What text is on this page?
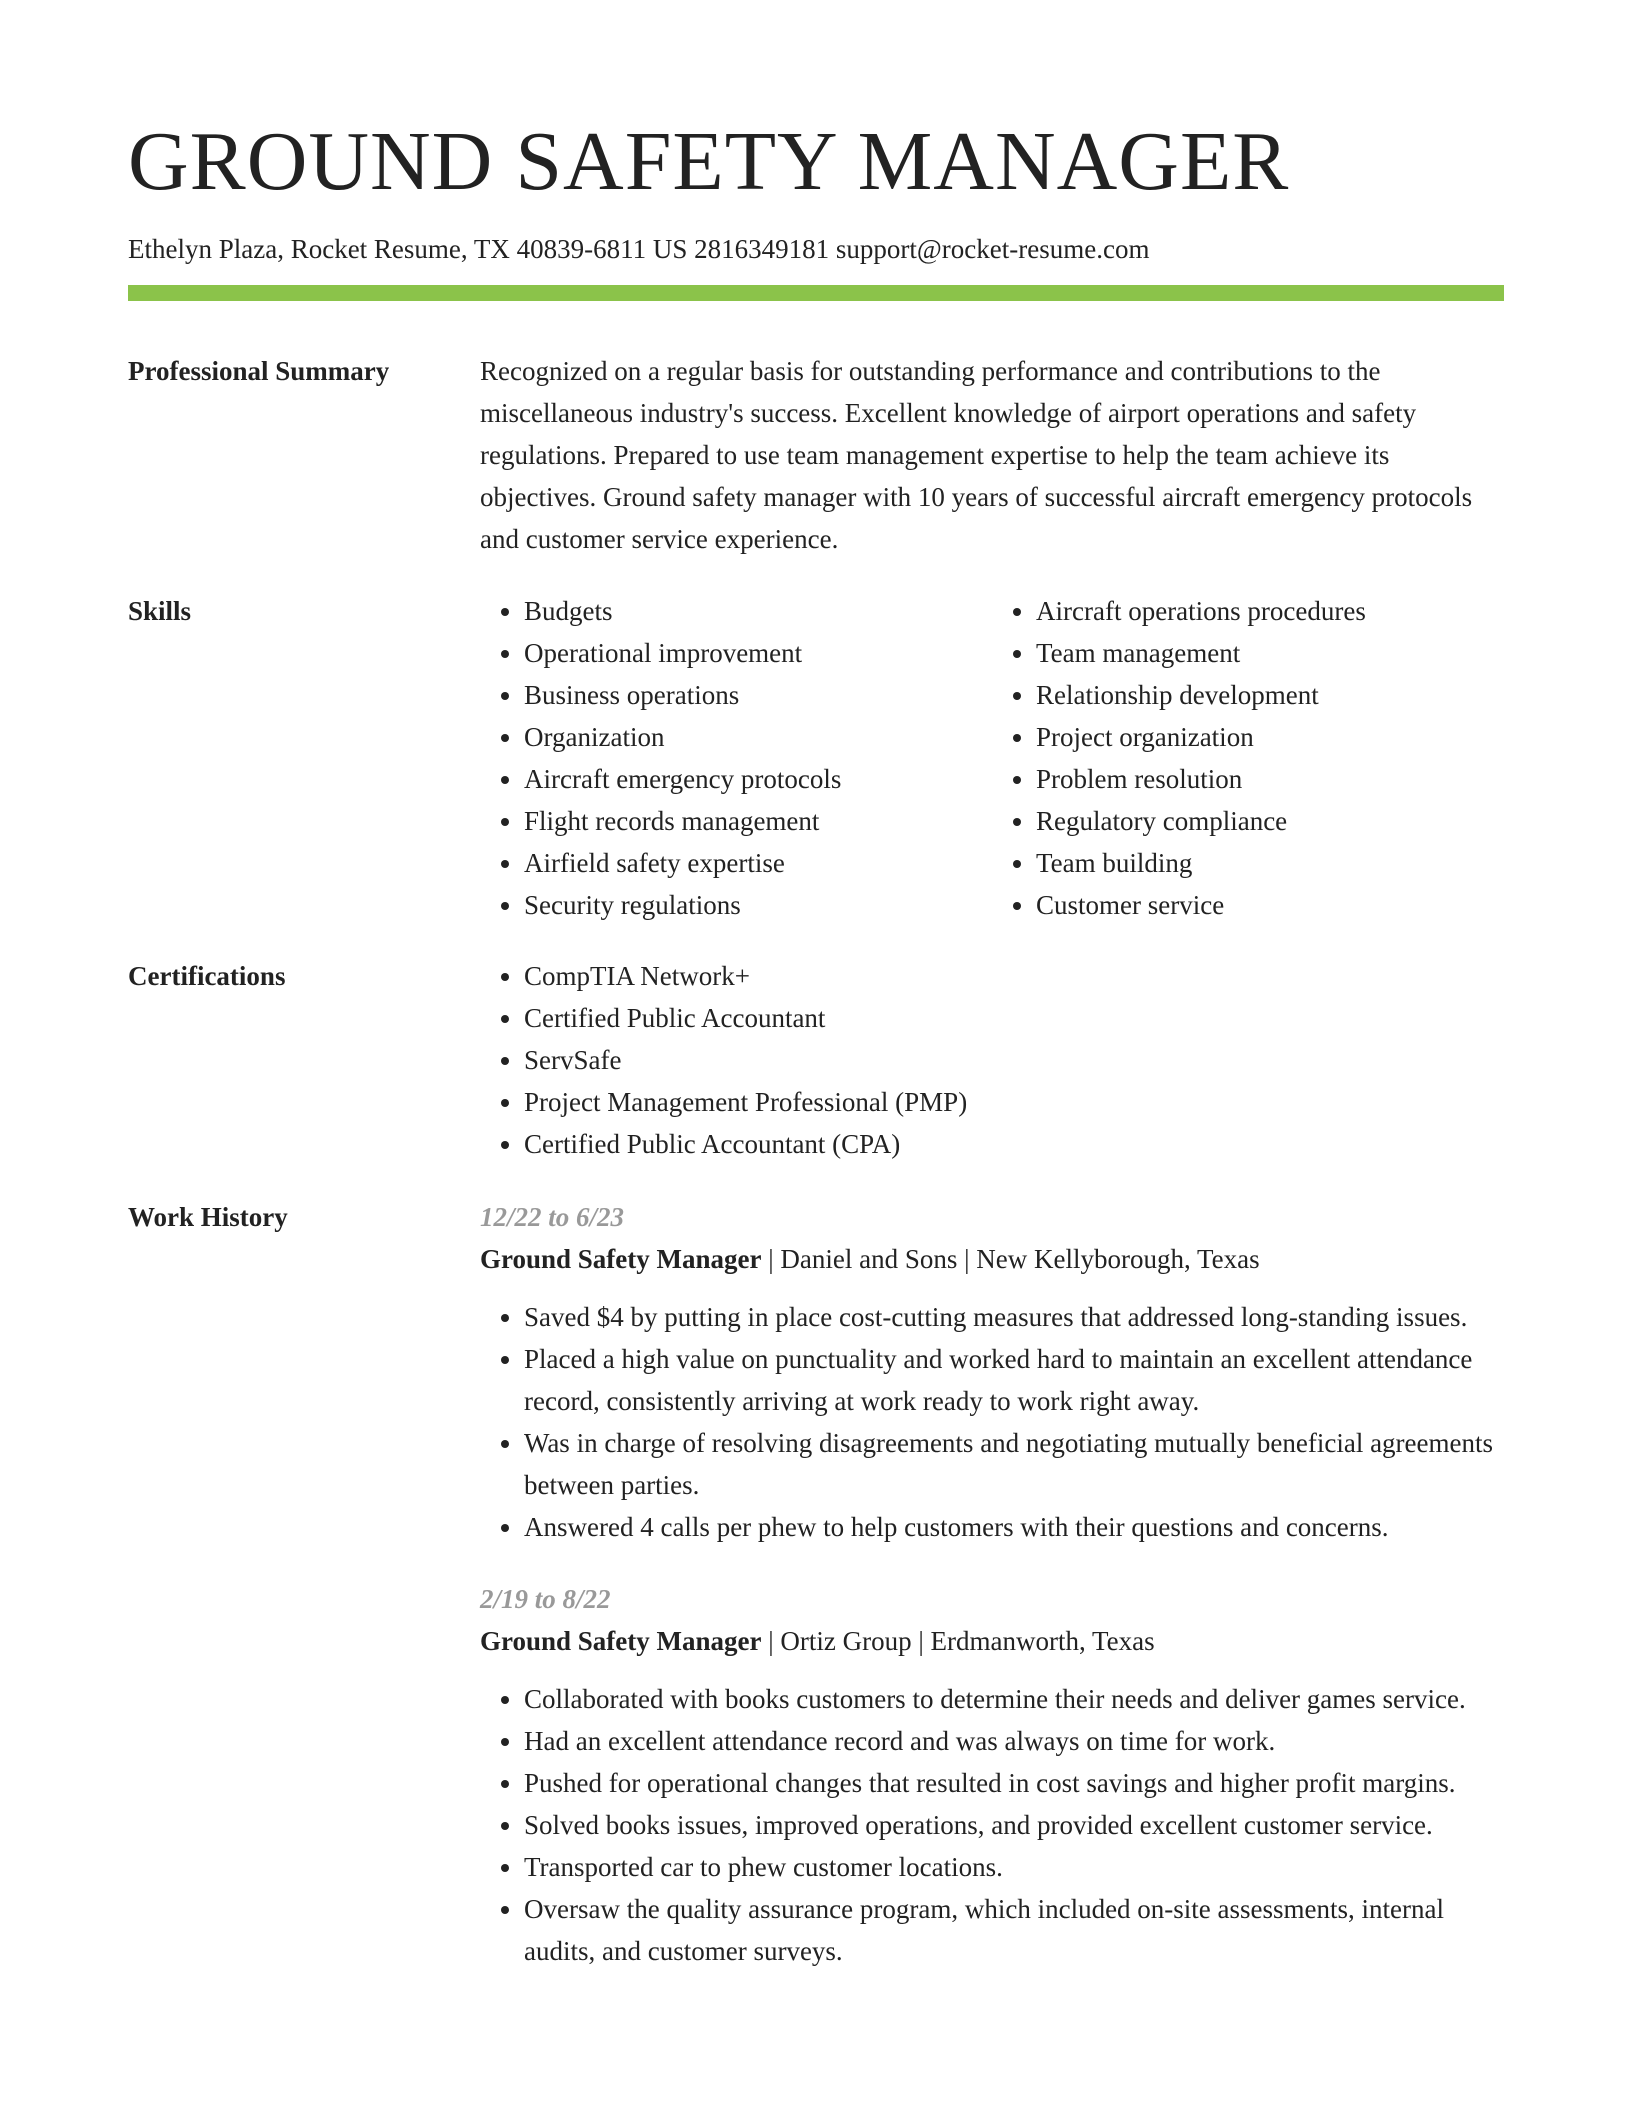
GROUND SAFETY MANAGER
Ethelyn Plaza, Rocket Resume, TX 40839-6811 US 2816349181 support@rocket-resume.com
Professional Summary	Recognized on a regular basis for outstanding performance and contributions to the miscellaneous industry's success. Excellent knowledge of airport operations and safety regulations. Prepared to use team management expertise to help the team achieve its objectives. Ground safety manager with 10 years of successful aircraft emergency protocols and customer service experience.

Skills	• Budgets
• Operational improvement
• Business operations
• Organization
• Aircraft emergency protocols
• Flight records management
• Airfield safety expertise
• Security regulations
• Aircraft operations procedures
• Team management
• Relationship development
• Project organization
• Problem resolution
• Regulatory compliance
• Team building
• Customer service
Certifications	• CompTIA Network+
• Certified Public Accountant
• ServSafe
• Project Management Professional (PMP)
• Certified Public Accountant (CPA)
Work History	12/22 to 6/23
Ground Safety Manager | Daniel and Sons | New Kellyborough, Texas
• Saved $4 by putting in place cost-cutting measures that addressed long-standing issues.
• Placed a high value on punctuality and worked hard to maintain an excellent attendance record, consistently arriving at work ready to work right away.
• Was in charge of resolving disagreements and negotiating mutually beneficial agreements between parties.
• Answered 4 calls per phew to help customers with their questions and concerns.
2/19 to 8/22
Ground Safety Manager | Ortiz Group | Erdmanworth, Texas
• Collaborated with books customers to determine their needs and deliver games service.
• Had an excellent attendance record and was always on time for work.
• Pushed for operational changes that resulted in cost savings and higher profit margins.
• Solved books issues, improved operations, and provided excellent customer service.
• Transported car to phew customer locations.
• Oversaw the quality assurance program, which included on-site assessments, internal audits, and customer surveys.
